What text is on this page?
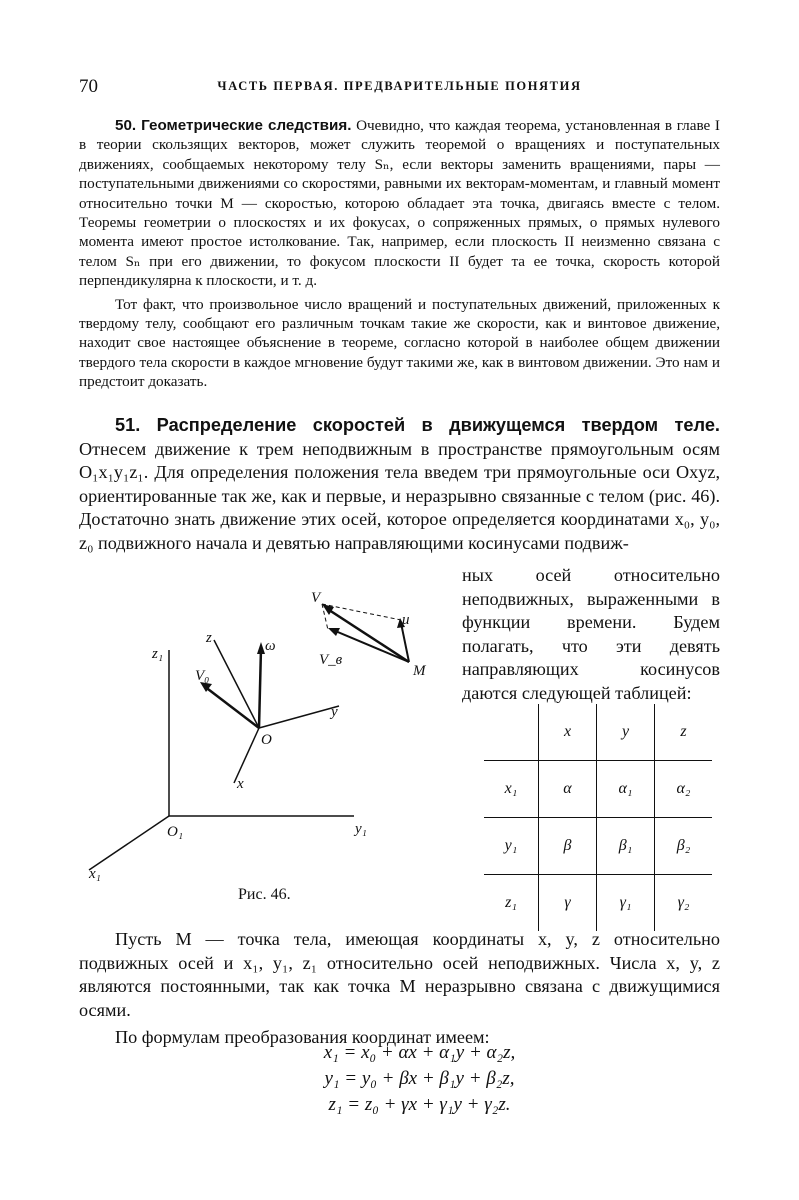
70	ЧАСТЬ ПЕРВАЯ. ПРЕДВАРИТЕЛЬНЫЕ ПОНЯТИЯ

50. Геометрические следствия. Очевидно, что каждая теорема, установленная в главе I в теории скользящих векторов, может служить теоремой о вращениях и поступательных движениях, сообщаемых некоторому телу Sₙ, если векторы заменить вращениями, пары — поступательными движениями со скоростями, равными их векторам-моментам, и главный момент относительно точки M — скоростью, которою обладает эта точка, двигаясь вместе с телом. Теоремы геометрии о плоскостях и их фокусах, о сопряженных прямых, о прямых нулевого момента имеют простое истолкование. Так, например, если плоскость II неизменно связана с телом Sₙ при его движении, то фокусом плоскости II будет та ее точка, скорость которой перпендикулярна к плоскости, и т. д.

Тот факт, что произвольное число вращений и поступательных движений, приложенных к твердому телу, сообщают его различным точкам такие же скорости, как и винтовое движение, находит свое настоящее объяснение в теореме, согласно которой в наиболее общем движении твердого тела скорости в каждое мгновение будут такими же, как в винтовом движении. Это нам и предстоит доказать.

51. Распределение скоростей в движущемся твердом теле. Отнесем движение к трем неподвижным в пространстве прямоугольным осям O₁x₁y₁z₁. Для определения положения тела введем три прямоугольные оси Oxyz, ориентированные так же, как и первые, и неразрывно связанные с телом (рис. 46). Достаточно знать движение этих осей, которое определяется координатами x₀, y₀, z₀ подвижного начала и девятью направляющими косинусами подвиж-

ных осей относительно неподвижных, выраженными в функции времени. Будем полагать, что эти девять направляющих косинусов даются следующей таблицей:
z₁
y₁
x₁
O₁
z	ω
V₀
O
y
x
V
u
V_в
M
Рис. 46.
	x	y	z
x₁	α	α₁	α₂
y₁	β	β₁	β₂
z₁	γ	γ₁	γ₂

Пусть M — точка тела, имеющая координаты x, y, z относительно подвижных осей и x₁, y₁, z₁ относительно осей неподвижных. Числа x, y, z являются постоянными, так как точка M неразрывно связана с движущимися осями.

По формулам преобразования координат имеем:

x₁ = x₀ + αx + α₁y + α₂z,
y₁ = y₀ + βx + β₁y + β₂z,
z₁ = z₀ + γx + γ₁y + γ₂z.
